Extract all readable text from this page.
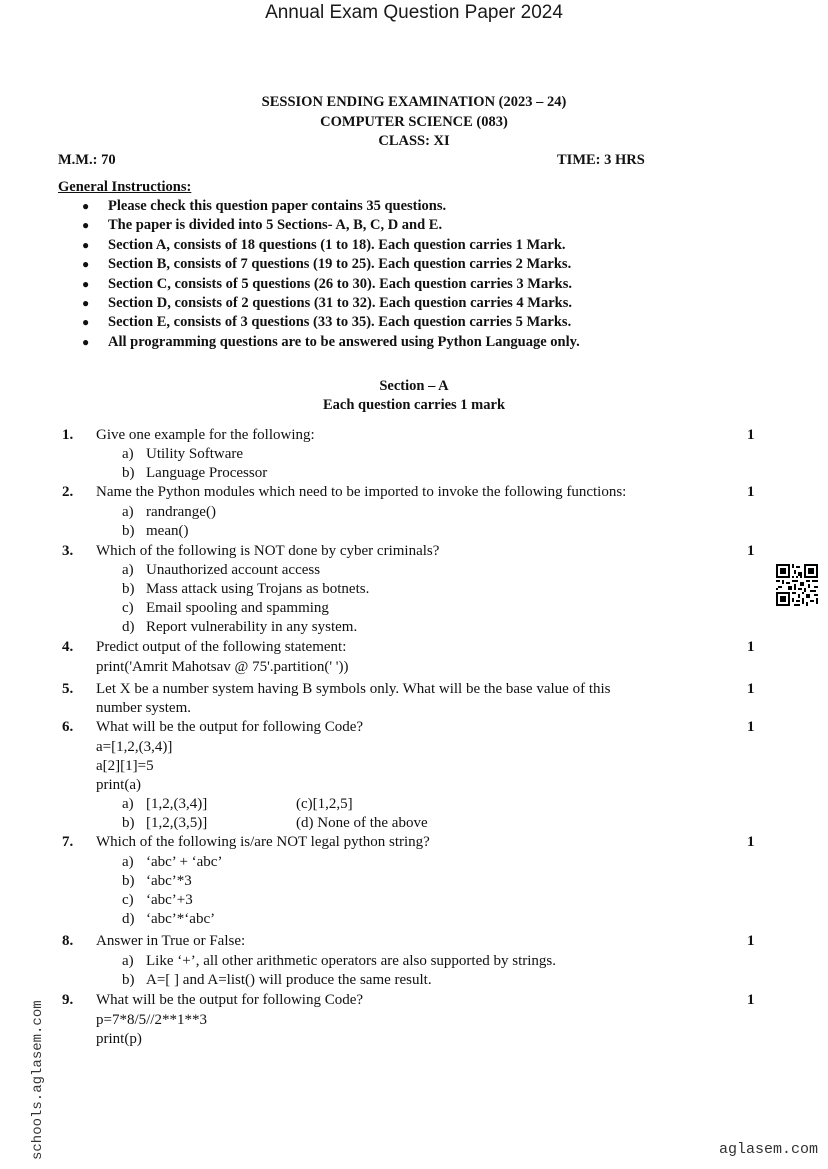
Annual Exam Question Paper 2024
SESSION ENDING EXAMINATION (2023 – 24)
COMPUTER SCIENCE (083)
CLASS: XI
M.M.: 70	TIME: 3 HRS
General Instructions:
● Please check this question paper contains 35 questions.
● The paper is divided into 5 Sections- A, B, C, D and E.
● Section A, consists of 18 questions (1 to 18). Each question carries 1 Mark.
● Section B, consists of 7 questions (19 to 25). Each question carries 2 Marks.
● Section C, consists of 5 questions (26 to 30). Each question carries 3 Marks.
● Section D, consists of 2 questions (31 to 32). Each question carries 4 Marks.
● Section E, consists of 3 questions (33 to 35). Each question carries 5 Marks.
● All programming questions are to be answered using Python Language only.
Section – A
Each question carries 1 mark
1. Give one example for the following:	1
a) Utility Software
b) Language Processor
2. Name the Python modules which need to be imported to invoke the following functions:	1
a) randrange()
b) mean()
3. Which of the following is NOT done by cyber criminals?	1
a) Unauthorized account access
b) Mass attack using Trojans as botnets.
c) Email spooling and spamming
d) Report vulnerability in any system.
4. Predict output of the following statement:	1
print('Amrit Mahotsav @ 75'.partition(' '))
5. Let X be a number system having B symbols only. What will be the base value of this	1
number system.
6. What will be the output for following Code?	1
a=[1,2,(3,4)]
a[2][1]=5
print(a)
a) [1,2,(3,4)]	(c)[1,2,5]
b) [1,2,(3,5)]	(d) None of the above
7. Which of the following is/are NOT legal python string?	1
a) ‘abc’ + ‘abc’
b) ‘abc’*3
c) ‘abc’+3
d) ‘abc’*‘abc’
8. Answer in True or False:	1
a) Like ‘+’, all other arithmetic operators are also supported by strings.
b) A=[ ] and A=list() will produce the same result.
9. What will be the output for following Code?	1
p=7*8/5//2**1**3
print(p)
schools.aglasem.com	aglasem.com
